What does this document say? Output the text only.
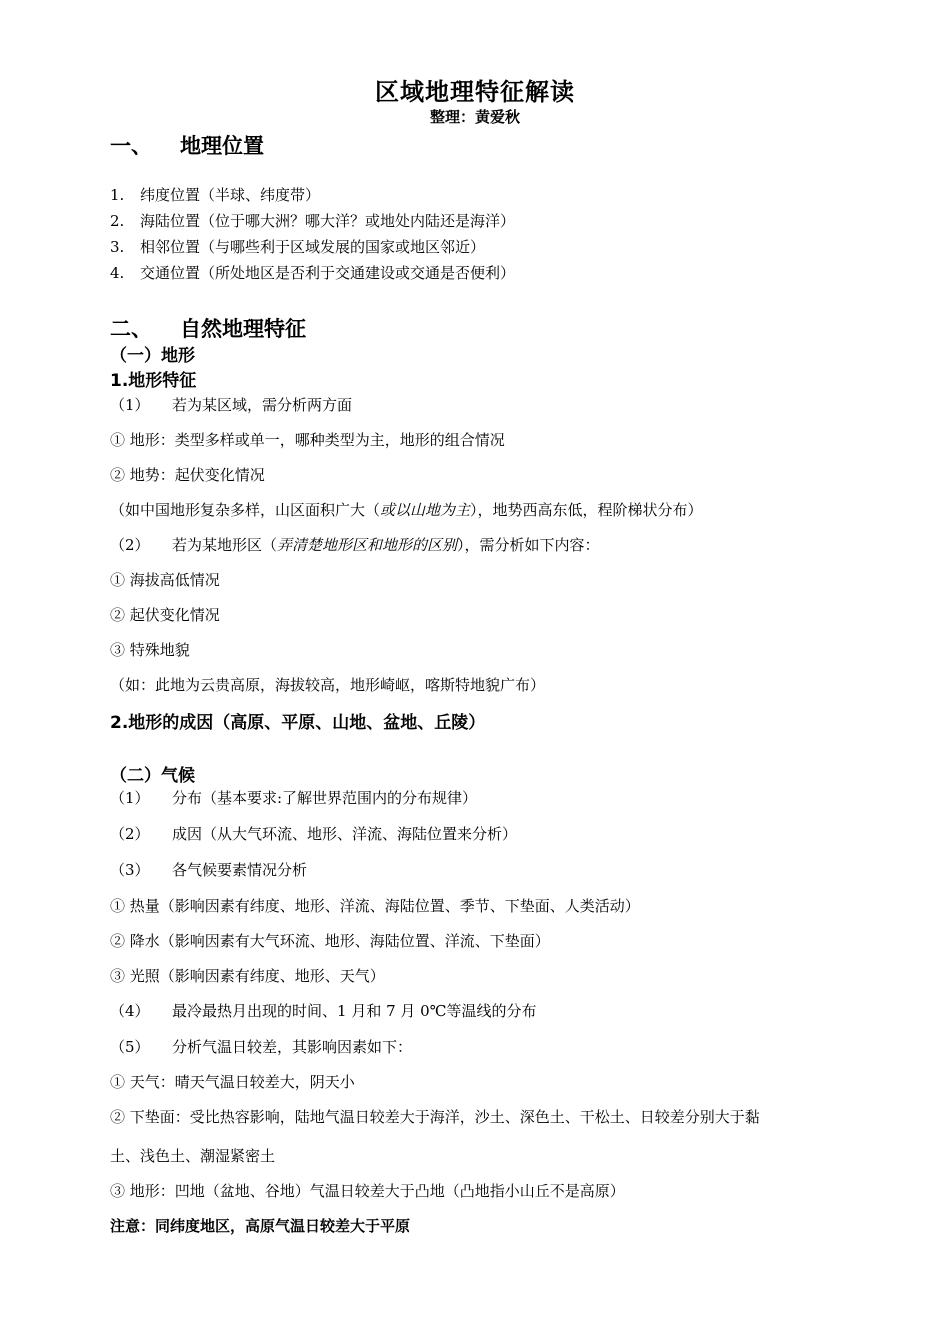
区域地理特征解读
整理：黄爱秋
一、 地理位置
1. 纬度位置（半球、纬度带）
2. 海陆位置（位于哪大洲？哪大洋？或地处内陆还是海洋）
3. 相邻位置（与哪些利于区域发展的国家或地区邻近）
4. 交通位置（所处地区是否利于交通建设或交通是否便利）
二、 自然地理特征
（一）地形
1.地形特征
（1） 若为某区域，需分析两方面
① 地形：类型多样或单一，哪种类型为主，地形的组合情况
② 地势：起伏变化情况
（如中国地形复杂多样，山区面积广大（或以山地为主），地势西高东低，程阶梯状分布）
（2） 若为某地形区（弄清楚地形区和地形的区别），需分析如下内容：
① 海拔高低情况
② 起伏变化情况
③ 特殊地貌
（如：此地为云贵高原，海拔较高，地形崎岖，喀斯特地貌广布）
2.地形的成因（高原、平原、山地、盆地、丘陵）
（二）气候
（1） 分布（基本要求:了解世界范围内的分布规律）
（2） 成因（从大气环流、地形、洋流、海陆位置来分析）
（3） 各气候要素情况分析
① 热量（影响因素有纬度、地形、洋流、海陆位置、季节、下垫面、人类活动）
② 降水（影响因素有大气环流、地形、海陆位置、洋流、下垫面）
③ 光照（影响因素有纬度、地形、天气）
（4） 最冷最热月出现的时间、1 月和 7 月 0℃等温线的分布
（5） 分析气温日较差，其影响因素如下：
① 天气：晴天气温日较差大，阴天小
② 下垫面：受比热容影响，陆地气温日较差大于海洋，沙土、深色土、干松土、日较差分别大于黏
土、浅色土、潮湿紧密土
③ 地形：凹地（盆地、谷地）气温日较差大于凸地（凸地指小山丘不是高原）
注意：同纬度地区，高原气温日较差大于平原
